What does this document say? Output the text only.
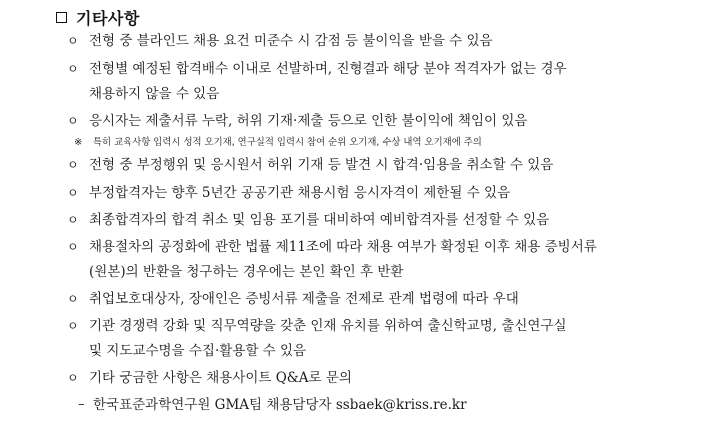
기타사항
ㅇ 전형 중 블라인드 채용 요건 미준수 시 감점 등 불이익을 받을 수 있음
ㅇ 전형별 예정된 합격배수 이내로 선발하며, 진형결과 해당 분야 적격자가 없는 경우
채용하지 않을 수 있음
ㅇ 응시자는 제출서류 누락, 허위 기재·제출 등으로 인한 불이익에 책임이 있음
※ 특히 교육사항 입력시 성적 오기재, 연구실적 입력시 참여 순위 오기재, 수상 내역 오기재에 주의
ㅇ 전형 중 부정행위 및 응시원서 허위 기재 등 발견 시 합격·임용을 취소할 수 있음
ㅇ 부정합격자는 향후 5년간 공공기관 채용시험 응시자격이 제한될 수 있음
ㅇ 최종합격자의 합격 취소 및 임용 포기를 대비하여 예비합격자를 선정할 수 있음
ㅇ 채용절차의 공정화에 관한 법률 제11조에 따라 채용 여부가 확정된 이후 채용 증빙서류
(원본)의 반환을 청구하는 경우에는 본인 확인 후 반환
ㅇ 취업보호대상자, 장애인은 증빙서류 제출을 전제로 관계 법령에 따라 우대
ㅇ 기관 경쟁력 강화 및 직무역량을 갖춘 인재 유치를 위하여 출신학교명, 출신연구실
및 지도교수명을 수집·활용할 수 있음
ㅇ 기타 궁금한 사항은 채용사이트 Q&A로 문의
– 한국표준과학연구원 GMA팀 채용담당자 ssbaek@kriss.re.kr
